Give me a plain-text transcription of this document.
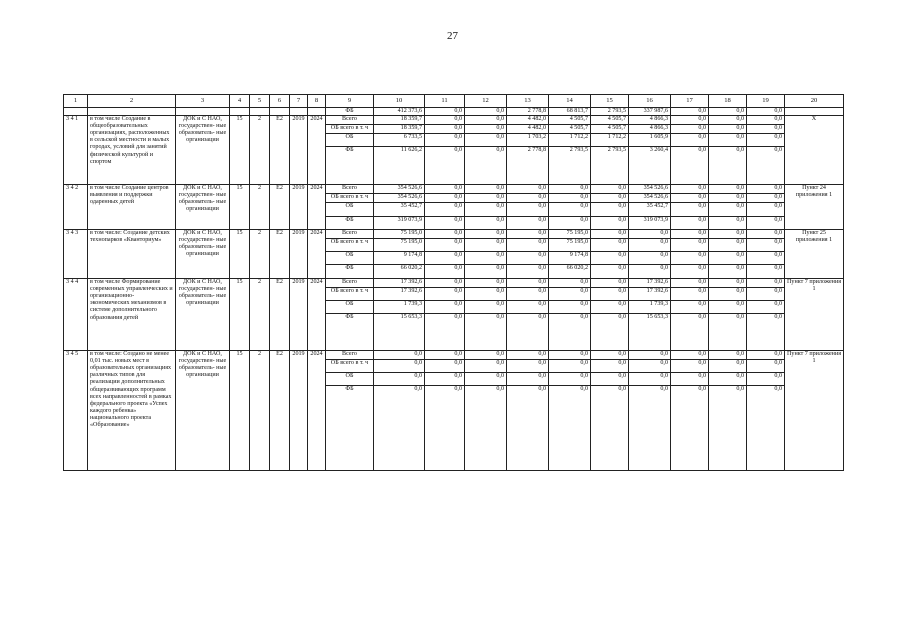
27
1	2	3	4	5	6	7	8	9	10	11	12	13	14	15	16	17	18	19	20
								ФБ	412 373,6	0,0	0,0	2 778,8	68 813,7	2 793,5	337 987,6	0,0	0,0	0,0	
3 4 1	в том числе Создание в общеобразовательных организациях, расположенных в сельской местности и малых городах, условий для занятий физической культурой и спортом	ДОК и С НАО, государствен- ные образователь- ные организации	15	2	Е2	2019	2024	Всего	18 359,7	0,0	0,0	4 482,0	4 505,7	4 505,7	4 866,3	0,0	0,0	0,0	Х
								ОБ всего в т. ч	18 359,7	0,0	0,0	4 482,0	4 505,7	4 505,7	4 866,3	0,0	0,0	0,0	
								ОБ	6 733,5	0,0	0,0	1 703,2	1 712,2	1 712,2	1 605,9	0,0	0,0	0,0	
								ФБ	11 626,2	0,0	0,0	2 778,8	2 793,5	2 793,5	3 260,4	0,0	0,0	0,0	
3 4 2	в том числе Создание центров выявления и поддержки одаренных детей	ДОК и С НАО, государствен- ные образователь- ные организации	15	2	Е2	2019	2024	Всего	354 526,6	0,0	0,0	0,0	0,0	0,0	354 526,6	0,0	0,0	0,0	Пункт 24 приложения 1
								ОБ всего в т. ч	354 526,6	0,0	0,0	0,0	0,0	0,0	354 526,6	0,0	0,0	0,0	
								ОБ	35 452,7	0,0	0,0	0,0	0,0	0,0	35 452,7	0,0	0,0	0,0	
								ФБ	319 073,9	0,0	0,0	0,0	0,0	0,0	319 073,9	0,0	0,0	0,0	
3 4 3	в том числе: Создание детских технопарков «Кванториум»	ДОК и С НАО, государствен- ные образователь- ные организации	15	2	Е2	2019	2024	Всего	75 195,0	0,0	0,0	0,0	75 195,0	0,0	0,0	0,0	0,0	0,0	Пункт 25 приложения 1
								ОБ всего в т. ч	75 195,0	0,0	0,0	0,0	75 195,0	0,0	0,0	0,0	0,0	0,0	
								ОБ	9 174,8	0,0	0,0	0,0	9 174,8	0,0	0,0	0,0	0,0	0,0	
								ФБ	66 020,2	0,0	0,0	0,0	66 020,2	0,0	0,0	0,0	0,0	0,0	
3 4 4	в том числе Формирование современных управленческих и организационно-экономических механизмов в системе дополнительного образования детей	ДОК и С НАО, государствен- ные образователь- ные организации	15	2	Е2	2019	2024	Всего	17 392,6	0,0	0,0	0,0	0,0	0,0	17 392,6	0,0	0,0	0,0	Пункт 7 приложения 1
								ОБ всего в т. ч	17 392,6	0,0	0,0	0,0	0,0	0,0	17 392,6	0,0	0,0	0,0	
								ОБ	1 739,3	0,0	0,0	0,0	0,0	0,0	1 739,3	0,0	0,0	0,0	
								ФБ	15 653,3	0,0	0,0	0,0	0,0	0,0	15 653,3	0,0	0,0	0,0	
3 4 5	в том числе: Создано не менее 0,01 тыс. новых мест в образовательных организациях различных типов для реализации дополнительных общеразвивающих программ всех направленностей в рамках федерального проекта «Успех каждого ребенка» национального проекта «Образование»	ДОК и С НАО, государствен- ные образователь- ные организации	15	2	Е2	2019	2024	Всего	0,0	0,0	0,0	0,0	0,0	0,0	0,0	0,0	0,0	0,0	Пункт 7 приложения 1
								ОБ всего в т. ч	0,0	0,0	0,0	0,0	0,0	0,0	0,0	0,0	0,0	0,0	
								ОБ	0,0	0,0	0,0	0,0	0,0	0,0	0,0	0,0	0,0	0,0	
								ФБ	0,0	0,0	0,0	0,0	0,0	0,0	0,0	0,0	0,0	0,0	
